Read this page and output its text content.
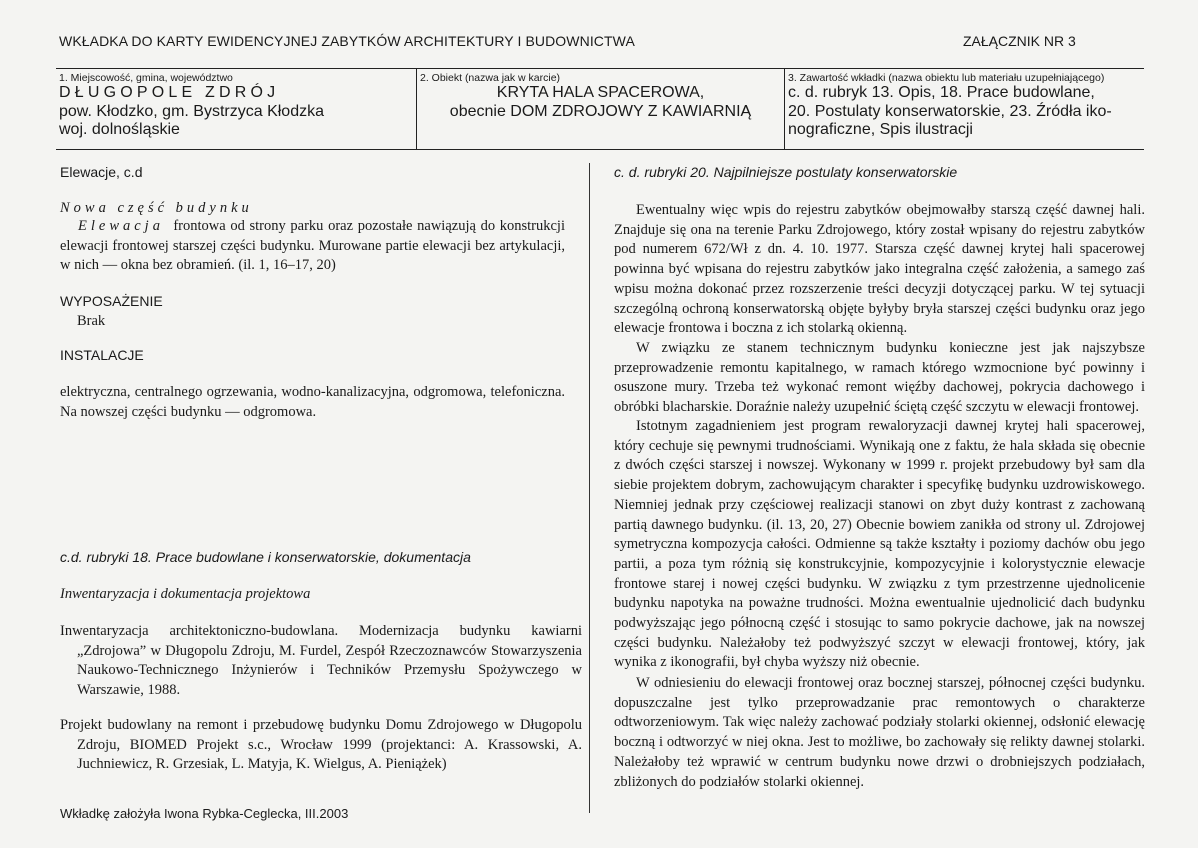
WKŁADKA DO KARTY EWIDENCYJNEJ ZABYTKÓW ARCHITEKTURY I BUDOWNICTWA	ZAŁĄCZNIK NR 3
1. Miejscowość, gmina, województwo
DŁUGOPOLE ZDRÓJ
pow. Kłodzko, gm. Bystrzyca Kłodzka
woj. dolnośląskie
2. Obiekt (nazwa jak w karcie)
KRYTA HALA SPACEROWA,
obecnie DOM ZDROJOWY Z KAWIARNIĄ
3. Zawartość wkładki (nazwa obiektu lub materiału uzupełniającego)
c. d. rubryk 13. Opis, 18. Prace budowlane,
20. Postulaty konserwatorskie, 23. Źródła iko-
nograficzne, Spis ilustracji
Elewacje, c.d
Nowa część budynku
Elewacja frontowa od strony parku oraz pozostałe nawiązują do konstrukcji elewacji frontowej starszej części budynku. Murowane partie elewacji bez artykulacji, w nich — okna bez obramień. (il. 1, 16–17, 20)
WYPOSAŻENIE
Brak
INSTALACJE
elektryczna, centralnego ogrzewania, wodno-kanalizacyjna, odgromowa, telefoniczna. Na nowszej części budynku — odgromowa.
c.d. rubryki 18. Prace budowlane i konserwatorskie, dokumentacja
Inwentaryzacja i dokumentacja projektowa
Inwentaryzacja architektoniczno-budowlana. Modernizacja budynku kawiarni „Zdrojowa” w Długopolu Zdroju, M. Furdel, Zespół Rzeczoznawców Stowarzyszenia Naukowo-Technicznego Inżynierów i Techników Przemysłu Spożywczego w Warszawie, 1988.
Projekt budowlany na remont i przebudowę budynku Domu Zdrojowego w Długopolu Zdroju, BIOMED Projekt s.c., Wrocław 1999 (projektanci: A. Krassowski, A. Juchniewicz, R. Grzesiak, L. Matyja, K. Wielgus, A. Pieniążek)
Wkładkę założyła Iwona Rybka-Ceglecka, III.2003
c. d. rubryki 20. Najpilniejsze postulaty konserwatorskie
Ewentualny więc wpis do rejestru zabytków obejmowałby starszą część dawnej hali. Znajduje się ona na terenie Parku Zdrojowego, który został wpisany do rejestru zabytków pod numerem 672/Wł z dn. 4. 10. 1977. Starsza część dawnej krytej hali spacerowej powinna być wpisana do rejestru zabytków jako integralna część założenia, a samego zaś wpisu można dokonać przez rozszerzenie treści decyzji dotyczącej parku. W tej sytuacji szczególną ochroną konserwatorską objęte byłyby bryła starszej części budynku oraz jego elewacje frontowa i boczna z ich stolarką okienną.
W związku ze stanem technicznym budynku konieczne jest jak najszybsze przeprowadzenie remontu kapitalnego, w ramach którego wzmocnione być powinny i osuszone mury. Trzeba też wykonać remont więźby dachowej, pokrycia dachowego i obróbki blacharskie. Doraźnie należy uzupełnić ściętą część szczytu w elewacji frontowej.
Istotnym zagadnieniem jest program rewaloryzacji dawnej krytej hali spacerowej, który cechuje się pewnymi trudnościami. Wynikają one z faktu, że hala składa się obecnie z dwóch części starszej i nowszej. Wykonany w 1999 r. projekt przebudowy był sam dla siebie projektem dobrym, zachowującym charakter i specyfikę budynku uzdrowiskowego. Niemniej jednak przy częściowej realizacji stanowi on zbyt duży kontrast z zachowaną partią dawnego budynku. (il. 13, 20, 27) Obecnie bowiem zanikła od strony ul. Zdrojowej symetryczna kompozycja całości. Odmienne są także kształty i poziomy dachów obu jego partii, a poza tym różnią się konstrukcyjnie, kompozycyjnie i kolorystycznie elewacje frontowe starej i nowej części budynku. W związku z tym przestrzenne ujednolicenie budynku napotyka na poważne trudności. Można ewentualnie ujednolicić dach budynku podwyższając jego północną część i stosując to samo pokrycie dachowe, jak na nowszej części budynku. Należałoby też podwyższyć szczyt w elewacji frontowej, który, jak wynika z ikonografii, był chyba wyższy niż obecnie.
W odniesieniu do elewacji frontowej oraz bocznej starszej, północnej części budynku. dopuszczalne jest tylko przeprowadzanie prac remontowych o charakterze odtworzeniowym. Tak więc należy zachować podziały stolarki okiennej, odsłonić elewację boczną i odtworzyć w niej okna. Jest to możliwe, bo zachowały się relikty dawnej stolarki. Należałoby też wprawić w centrum budynku nowe drzwi o drobniejszych podziałach, zbliżonych do podziałów stolarki okiennej.
